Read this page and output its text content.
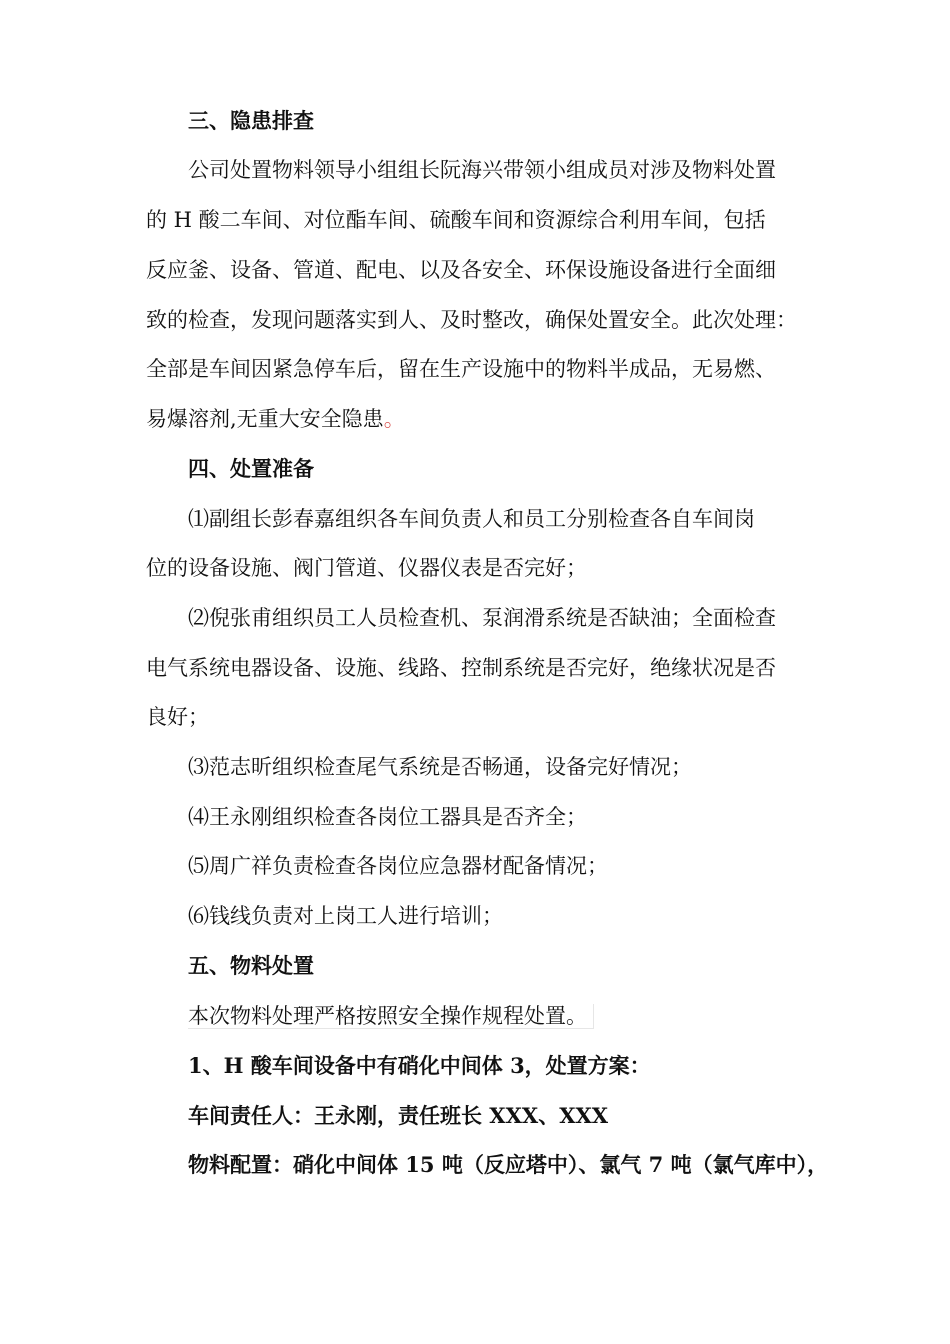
三、隐患排查
公司处置物料领导小组组长阮海兴带领小组成员对涉及物料处置
的 H 酸二车间、对位酯车间、硫酸车间和资源综合利用车间，包括
反应釜、设备、管道、配电、以及各安全、环保设施设备进行全面细
致的检查，发现问题落实到人、及时整改，确保处置安全。此次处理：
全部是车间因紧急停车后，留在生产设施中的物料半成品，无易燃、
易爆溶剂,无重大安全隐患。
四、处置准备
⑴副组长彭春嘉组织各车间负责人和员工分别检查各自车间岗
位的设备设施、阀门管道、仪器仪表是否完好；
⑵倪张甫组织员工人员检查机、泵润滑系统是否缺油；全面检查
电气系统电器设备、设施、线路、控制系统是否完好，绝缘状况是否
良好；
⑶范志昕组织检查尾气系统是否畅通，设备完好情况；
⑷王永刚组织检查各岗位工器具是否齐全；
⑸周广祥负责检查各岗位应急器材配备情况；
⑹钱线负责对上岗工人进行培训；
五、物料处置
本次物料处理严格按照安全操作规程处置。
1、H 酸车间设备中有硝化中间体 3，处置方案：
车间责任人：王永刚，责任班长 XXX、XXX
物料配置：硝化中间体 15 吨（反应塔中）、氯气 7 吨（氯气库中），
